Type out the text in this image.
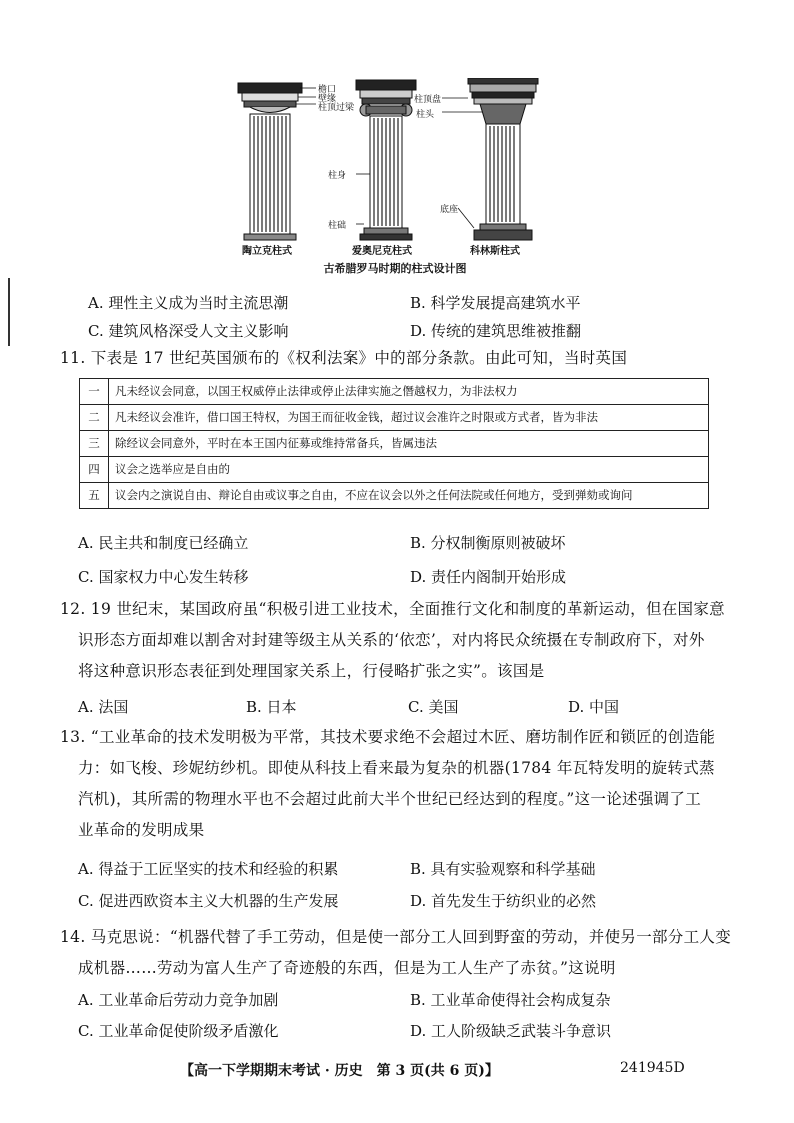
檐口
壁缘
柱顶过梁
柱身
柱础
柱顶盘
柱头
底座
陶立克柱式	爱奥尼克柱式	科林斯柱式
古希腊罗马时期的柱式设计图
A. 理性主义成为当时主流思潮	B. 科学发展提高建筑水平
C. 建筑风格深受人文主义影响	D. 传统的建筑思维被推翻
11. 下表是 17 世纪英国颁布的《权利法案》中的部分条款。由此可知，当时英国
一	凡未经议会同意，以国王权威停止法律或停止法律实施之僭越权力，为非法权力
二	凡未经议会准许，借口国王特权，为国王而征收金钱，超过议会准许之时限或方式者，皆为非法
三	除经议会同意外，平时在本王国内征募或维持常备兵，皆属违法
四	议会之选举应是自由的
五	议会内之演说自由、辩论自由或议事之自由，不应在议会以外之任何法院或任何地方，受到弹劾或询问
A. 民主共和制度已经确立	B. 分权制衡原则被破坏
C. 国家权力中心发生转移	D. 责任内阁制开始形成
12. 19 世纪末，某国政府虽“积极引进工业技术，全面推行文化和制度的革新运动，但在国家意
识形态方面却难以割舍对封建等级主从关系的‘依恋’，对内将民众统摄在专制政府下，对外
将这种意识形态表征到处理国家关系上，行侵略扩张之实”。该国是
A. 法国	B. 日本	C. 美国	D. 中国
13. “工业革命的技术发明极为平常，其技术要求绝不会超过木匠、磨坊制作匠和锁匠的创造能
力：如飞梭、珍妮纺纱机。即使从科技上看来最为复杂的机器(1784 年瓦特发明的旋转式蒸
汽机)，其所需的物理水平也不会超过此前大半个世纪已经达到的程度。”这一论述强调了工
业革命的发明成果
A. 得益于工匠坚实的技术和经验的积累	B. 具有实验观察和科学基础
C. 促进西欧资本主义大机器的生产发展	D. 首先发生于纺织业的必然
14. 马克思说：“机器代替了手工劳动，但是使一部分工人回到野蛮的劳动，并使另一部分工人变
成机器……劳动为富人生产了奇迹般的东西，但是为工人生产了赤贫。”这说明
A. 工业革命后劳动力竞争加剧	B. 工业革命使得社会构成复杂
C. 工业革命促使阶级矛盾激化	D. 工人阶级缺乏武装斗争意识
【高一下学期期末考试 · 历史　第 3 页(共 6 页)】	241945D
